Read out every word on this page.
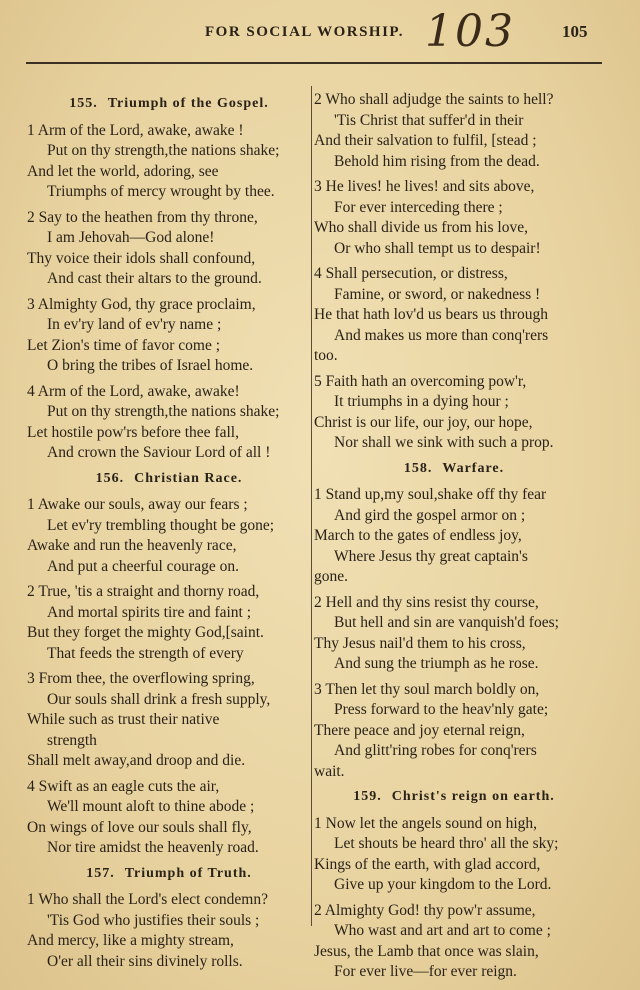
FOR SOCIAL WORSHIP. 103	105
155. Triumph of the Gospel.
1 Arm of the Lord, awake, awake !
Put on thy strength,the nations shake;
And let the world, adoring, see
Triumphs of mercy wrought by thee.
2 Say to the heathen from thy throne,
I am Jehovah—God alone!
Thy voice their idols shall confound,
And cast their altars to the ground.
3 Almighty God, thy grace proclaim,
In ev'ry land of ev'ry name ;
Let Zion's time of favor come ;
O bring the tribes of Israel home.
4 Arm of the Lord, awake, awake!
Put on thy strength,the nations shake;
Let hostile pow'rs before thee fall,
And crown the Saviour Lord of all !
156. Christian Race.
1 Awake our souls, away our fears ;
Let ev'ry trembling thought be gone;
Awake and run the heavenly race,
And put a cheerful courage on.
2 True, 'tis a straight and thorny road,
And mortal spirits tire and faint ;
But they forget the mighty God,[saint.
That feeds the strength of every
3 From thee, the overflowing spring,
Our souls shall drink a fresh supply,
While such as trust their native
strength
Shall melt away,and droop and die.
4 Swift as an eagle cuts the air,
We'll mount aloft to thine abode ;
On wings of love our souls shall fly,
Nor tire amidst the heavenly road.
157. Triumph of Truth.
1 Who shall the Lord's elect condemn?
'Tis God who justifies their souls ;
And mercy, like a mighty stream,
O'er all their sins divinely rolls.
2 Who shall adjudge the saints to hell?
'Tis Christ that suffer'd in their
And their salvation to fulfil, [stead ;
Behold him rising from the dead.
3 He lives! he lives! and sits above,
For ever interceding there ;
Who shall divide us from his love,
Or who shall tempt us to despair!
4 Shall persecution, or distress,
Famine, or sword, or nakedness !
He that hath lov'd us bears us through
And makes us more than conq'rers
too.
5 Faith hath an overcoming pow'r,
It triumphs in a dying hour ;
Christ is our life, our joy, our hope,
Nor shall we sink with such a prop.
158. Warfare.
1 Stand up,my soul,shake off thy fear
And gird the gospel armor on ;
March to the gates of endless joy,
Where Jesus thy great captain's
gone.
2 Hell and thy sins resist thy course,
But hell and sin are vanquish'd foes;
Thy Jesus nail'd them to his cross,
And sung the triumph as he rose.
3 Then let thy soul march boldly on,
Press forward to the heav'nly gate;
There peace and joy eternal reign,
And glitt'ring robes for conq'rers
wait.
159. Christ's reign on earth.
1 Now let the angels sound on high,
Let shouts be heard thro' all the sky;
Kings of the earth, with glad accord,
Give up your kingdom to the Lord.
2 Almighty God! thy pow'r assume,
Who wast and art and art to come ;
Jesus, the Lamb that once was slain,
For ever live—for ever reign.
